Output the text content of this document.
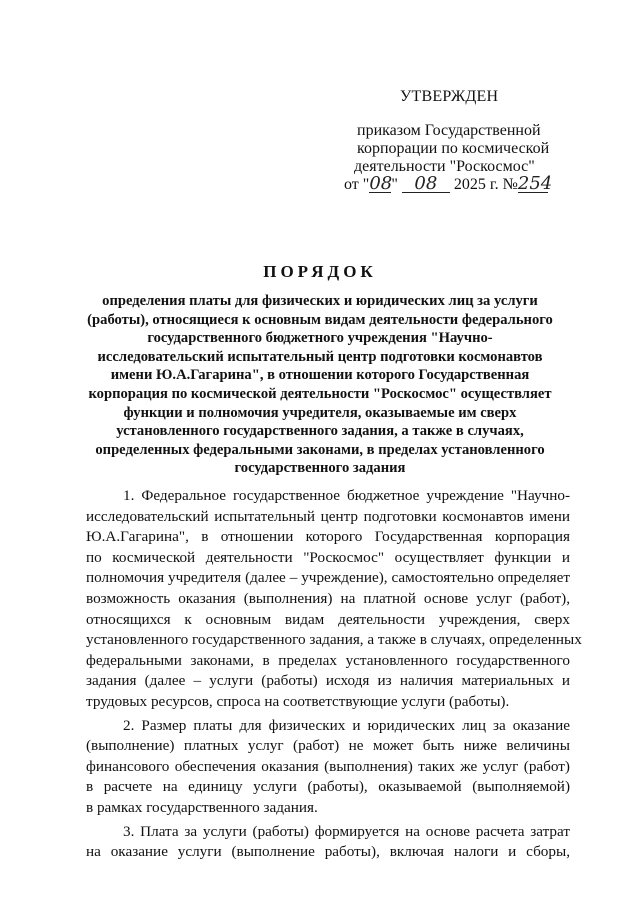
УТВЕРЖДЕН
приказом Государственной
корпорации по космической
деятельности "Роскосмос"
от "08" 08 2025 г. №254
ПОРЯДОК
определения платы для физических и юридических лиц за услуги
(работы), относящиеся к основным видам деятельности федерального
государственного бюджетного учреждения "Научно-
исследовательский испытательный центр подготовки космонавтов
имени Ю.А.Гагарина", в отношении которого Государственная
корпорация по космической деятельности "Роскосмос" осуществляет
функции и полномочия учредителя, оказываемые им сверх
установленного государственного задания, а также в случаях,
определенных федеральными законами, в пределах установленного
государственного задания
1. Федеральное государственное бюджетное учреждение "Научно-
исследовательский испытательный центр подготовки космонавтов имени
Ю.А.Гагарина", в отношении которого Государственная корпорация
по космической деятельности "Роскосмос" осуществляет функции и
полномочия учредителя (далее – учреждение), самостоятельно определяет
возможность оказания (выполнения) на платной основе услуг (работ),
относящихся к основным видам деятельности учреждения, сверх
установленного государственного задания, а также в случаях, определенных
федеральными законами, в пределах установленного государственного
задания (далее – услуги (работы) исходя из наличия материальных и
трудовых ресурсов, спроса на соответствующие услуги (работы).
2. Размер платы для физических и юридических лиц за оказание
(выполнение) платных услуг (работ) не может быть ниже величины
финансового обеспечения оказания (выполнения) таких же услуг (работ)
в расчете на единицу услуги (работы), оказываемой (выполняемой)
в рамках государственного задания.
3. Плата за услуги (работы) формируется на основе расчета затрат
на оказание услуги (выполнение работы), включая налоги и сборы,
